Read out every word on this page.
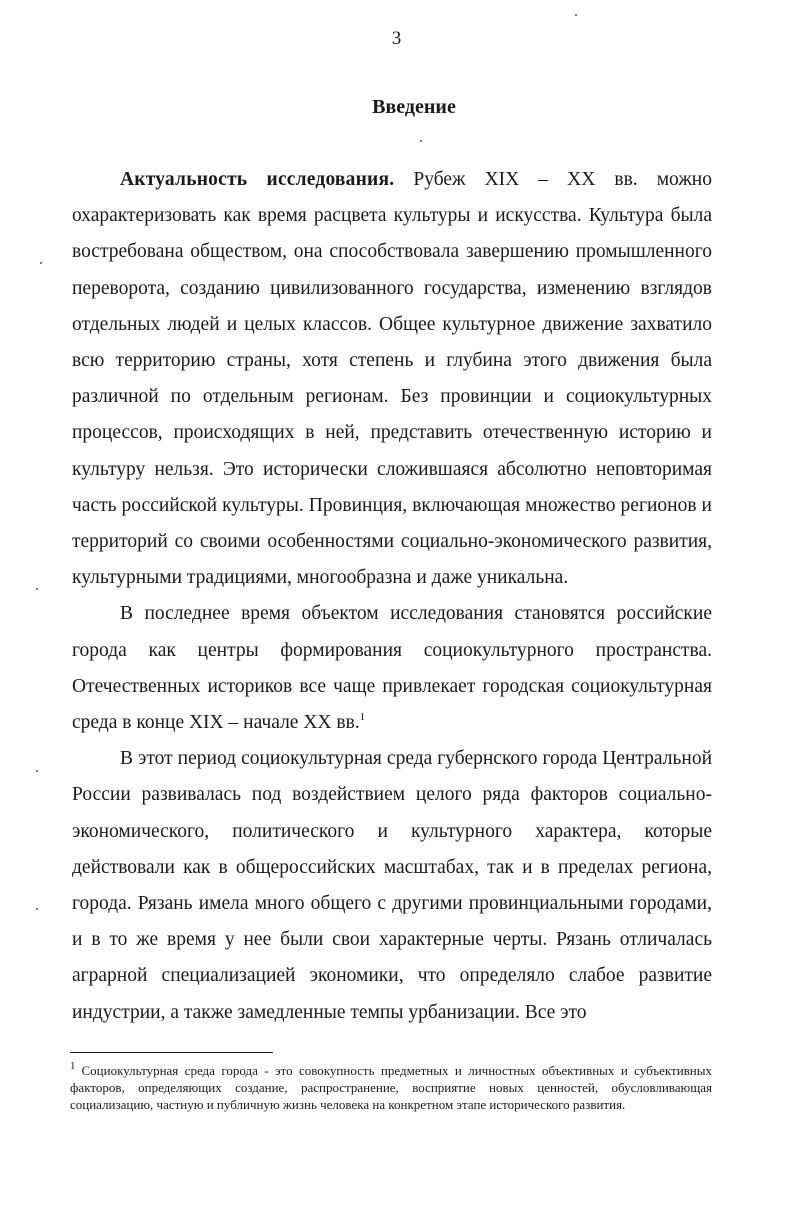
3
Введение

Актуальность исследования. Рубеж XIX – XX вв. можно охарактеризовать как время расцвета культуры и искусства. Культура была востребована обществом, она способствовала завершению промышленного переворота, созданию цивилизованного государства, изменению взглядов отдельных людей и целых классов. Общее культурное движение захватило всю территорию страны, хотя степень и глубина этого движения была различной по отдельным регионам. Без провинции и социокультурных процессов, происходящих в ней, представить отечественную историю и культуру нельзя. Это исторически сложившаяся абсолютно неповторимая часть российской культуры. Провинция, включающая множество регионов и территорий со своими особенностями социально-экономического развития, культурными традициями, многообразна и даже уникальна.

В последнее время объектом исследования становятся российские города как центры формирования социокультурного пространства. Отечественных историков все чаще привлекает городская социокультурная среда в конце XIX – начале XX вв.$^1$

В этот период социокультурная среда губернского города Центральной России развивалась под воздействием целого ряда факторов социально-экономического, политического и культурного характера, которые действовали как в общероссийских масштабах, так и в пределах региона, города. Рязань имела много общего с другими провинциальными городами, и в то же время у нее были свои характерные черты. Рязань отличалась аграрной специализацией экономики, что определяло слабое развитие индустрии, а также замедленные темпы урбанизации. Все это

$^1$ Социокультурная среда города - это совокупность предметных и личностных объективных и субъективных факторов, определяющих создание, распространение, восприятие новых ценностей, обусловливающая социализацию, частную и публичную жизнь человека на конкретном этапе исторического развития.
